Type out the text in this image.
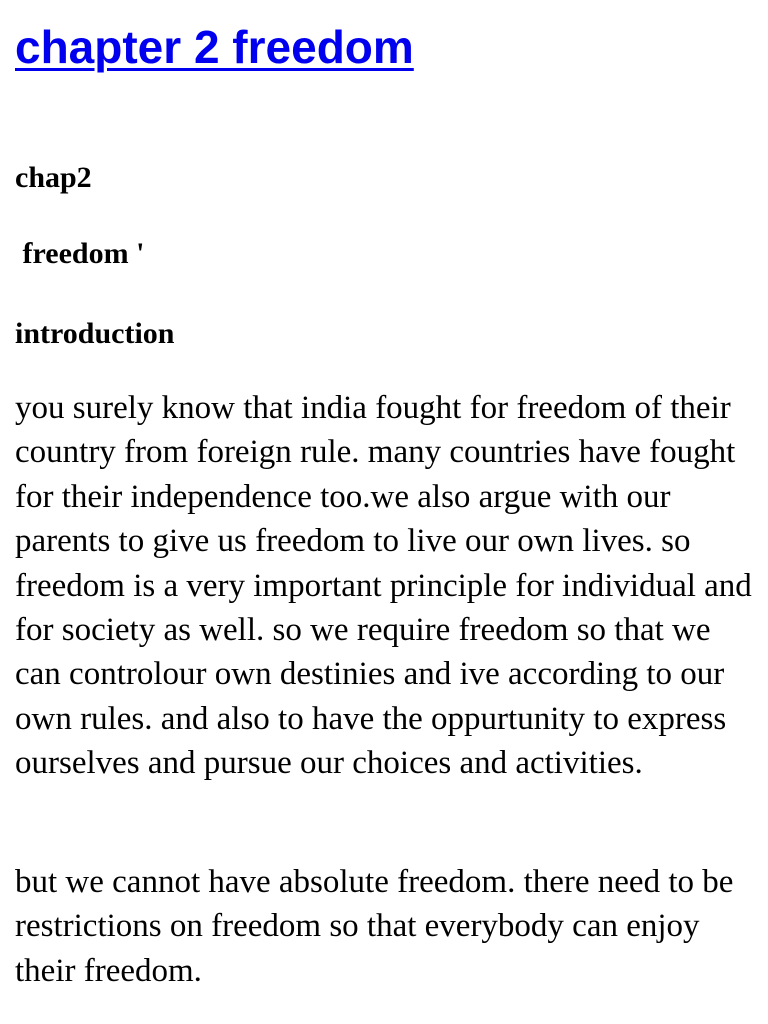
chapter 2 freedom
chap2
freedom '
introduction

you surely know that india fought for freedom of their country from foreign rule. many countries have fought for their independence too.we also argue with our parents to give us freedom to live our own lives. so freedom is a very important principle for individual and for society as well. so we require freedom so that we can controlour own destinies and ive according to our own rules. and also to have the oppurtunity to express ourselves and pursue our choices and activities.

but we cannot have absolute freedom. there need to be restrictions on freedom so that everybody can enjoy their freedom.
